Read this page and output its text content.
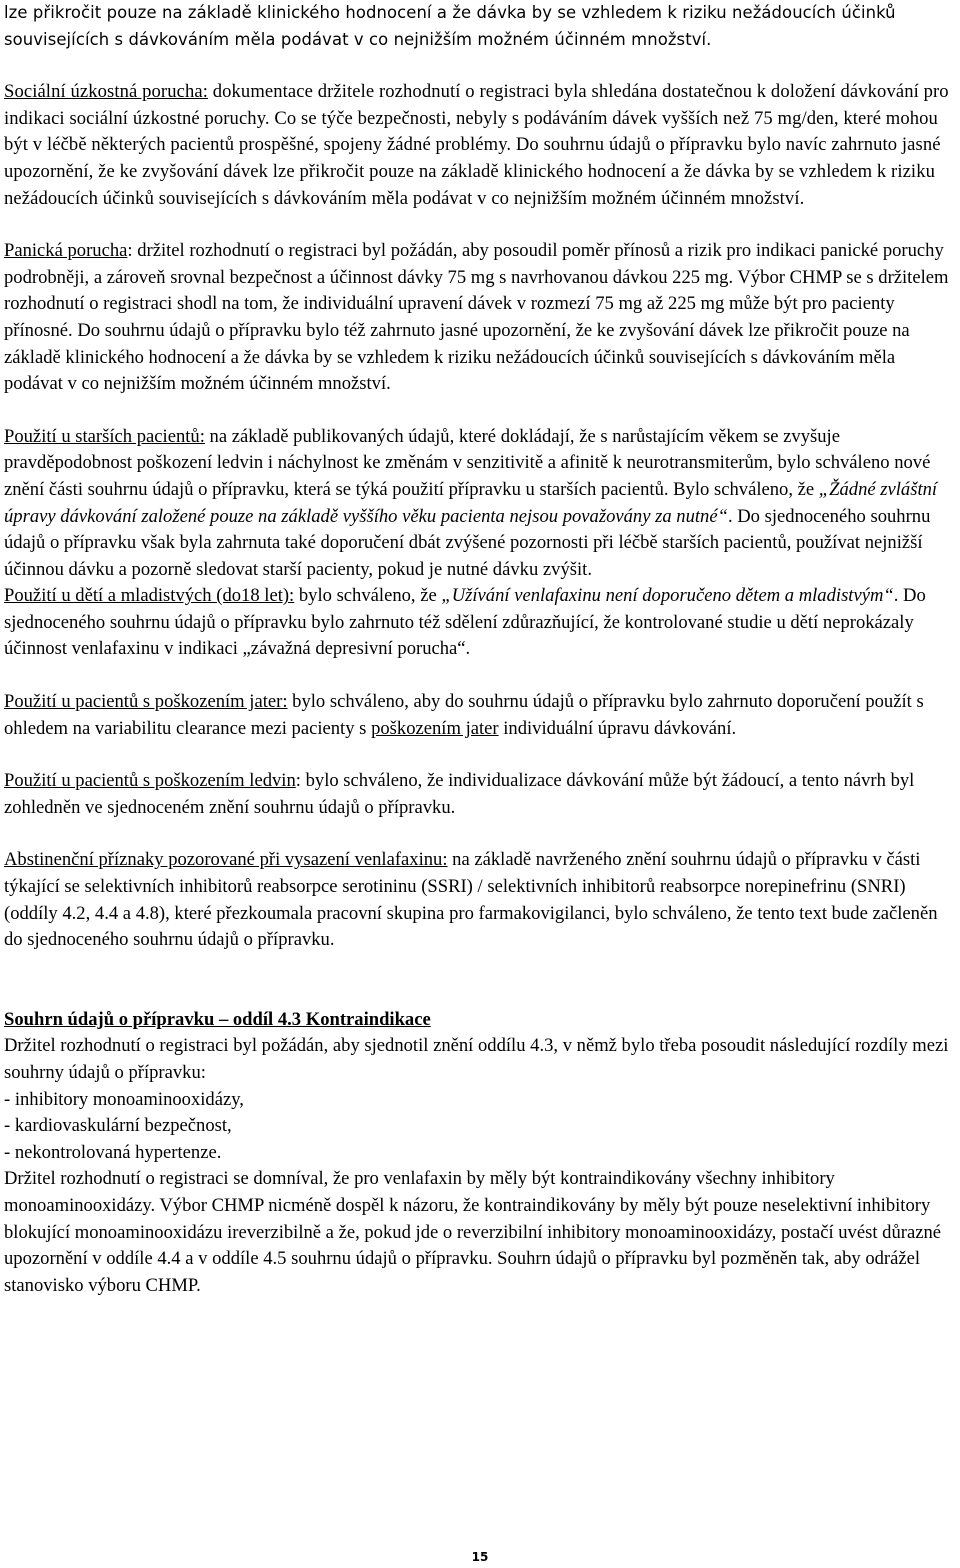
lze přikročit pouze na základě klinického hodnocení a že dávka by se vzhledem k riziku nežádoucích účinků souvisejících s dávkováním měla podávat v co nejnižším možném účinném množství.

Sociální úzkostná porucha: dokumentace držitele rozhodnutí o registraci byla shledána dostatečnou k doložení dávkování pro indikaci sociální úzkostné poruchy. Co se týče bezpečnosti, nebyly s podáváním dávek vyšších než 75 mg/den, které mohou být v léčbě některých pacientů prospěšné, spojeny žádné problémy. Do souhrnu údajů o přípravku bylo navíc zahrnuto jasné upozornění, že ke zvyšování dávek lze přikročit pouze na základě klinického hodnocení a že dávka by se vzhledem k riziku nežádoucích účinků souvisejících s dávkováním měla podávat v co nejnižším možném účinném množství.

Panická porucha: držitel rozhodnutí o registraci byl požádán, aby posoudil poměr přínosů a rizik pro indikaci panické poruchy podrobněji, a zároveň srovnal bezpečnost a účinnost dávky 75 mg s navrhovanou dávkou 225 mg. Výbor CHMP se s držitelem rozhodnutí o registraci shodl na tom, že individuální upravení dávek v rozmezí 75 mg až 225 mg může být pro pacienty přínosné. Do souhrnu údajů o přípravku bylo též zahrnuto jasné upozornění, že ke zvyšování dávek lze přikročit pouze na základě klinického hodnocení a že dávka by se vzhledem k riziku nežádoucích účinků souvisejících s dávkováním měla podávat v co nejnižším možném účinném množství.

Použití u starších pacientů: na základě publikovaných údajů, které dokládají, že s narůstajícím věkem se zvyšuje pravděpodobnost poškození ledvin i náchylnost ke změnám v senzitivitě a afinitě k neurotransmiterům, bylo schváleno nové znění části souhrnu údajů o přípravku, která se týká použití přípravku u starších pacientů. Bylo schváleno, že „Žádné zvláštní úpravy dávkování založené pouze na základě vyššího věku pacienta nejsou považovány za nutné“. Do sjednoceného souhrnu údajů o přípravku však byla zahrnuta také doporučení dbát zvýšené pozornosti při léčbě starších pacientů, používat nejnižší účinnou dávku a pozorně sledovat starší pacienty, pokud je nutné dávku zvýšit.
Použití u dětí a mladistvých (do18 let): bylo schváleno, že „Užívání venlafaxinu není doporučeno dětem a mladistvým“. Do sjednoceného souhrnu údajů o přípravku bylo zahrnuto též sdělení zdůrazňující, že kontrolované studie u dětí neprokázaly účinnost venlafaxinu v indikaci „závažná depresivní porucha“.

Použití u pacientů s poškozením jater: bylo schváleno, aby do souhrnu údajů o přípravku bylo zahrnuto doporučení použít s ohledem na variabilitu clearance mezi pacienty s poškozením jater individuální úpravu dávkování.

Použití u pacientů s poškozením ledvin: bylo schváleno, že individualizace dávkování může být žádoucí, a tento návrh byl zohledněn ve sjednoceném znění souhrnu údajů o přípravku.

Abstinenční příznaky pozorované při vysazení venlafaxinu: na základě navrženého znění souhrnu údajů o přípravku v části týkající se selektivních inhibitorů reabsorpce serotininu (SSRI) / selektivních inhibitorů reabsorpce norepinefrinu (SNRI) (oddíly 4.2, 4.4 a 4.8), které přezkoumala pracovní skupina pro farmakovigilanci, bylo schváleno, že tento text bude začleněn do sjednoceného souhrnu údajů o přípravku.

Souhrn údajů o přípravku – oddíl 4.3 Kontraindikace

Držitel rozhodnutí o registraci byl požádán, aby sjednotil znění oddílu 4.3, v němž bylo třeba posoudit následující rozdíly mezi souhrny údajů o přípravku:

- inhibitory monoaminooxidázy,
- kardiovaskulární bezpečnost,
- nekontrolovaná hypertenze.

Držitel rozhodnutí o registraci se domníval, že pro venlafaxin by měly být kontraindikovány všechny inhibitory monoaminooxidázy. Výbor CHMP nicméně dospěl k názoru, že kontraindikovány by měly být pouze neselektivní inhibitory blokující monoaminooxidázu ireverzibilně a že, pokud jde o reverzibilní inhibitory monoaminooxidázy, postačí uvést důrazné upozornění v oddíle 4.4 a v oddíle 4.5 souhrnu údajů o přípravku. Souhrn údajů o přípravku byl pozměněn tak, aby odrážel stanovisko výboru CHMP.

15
